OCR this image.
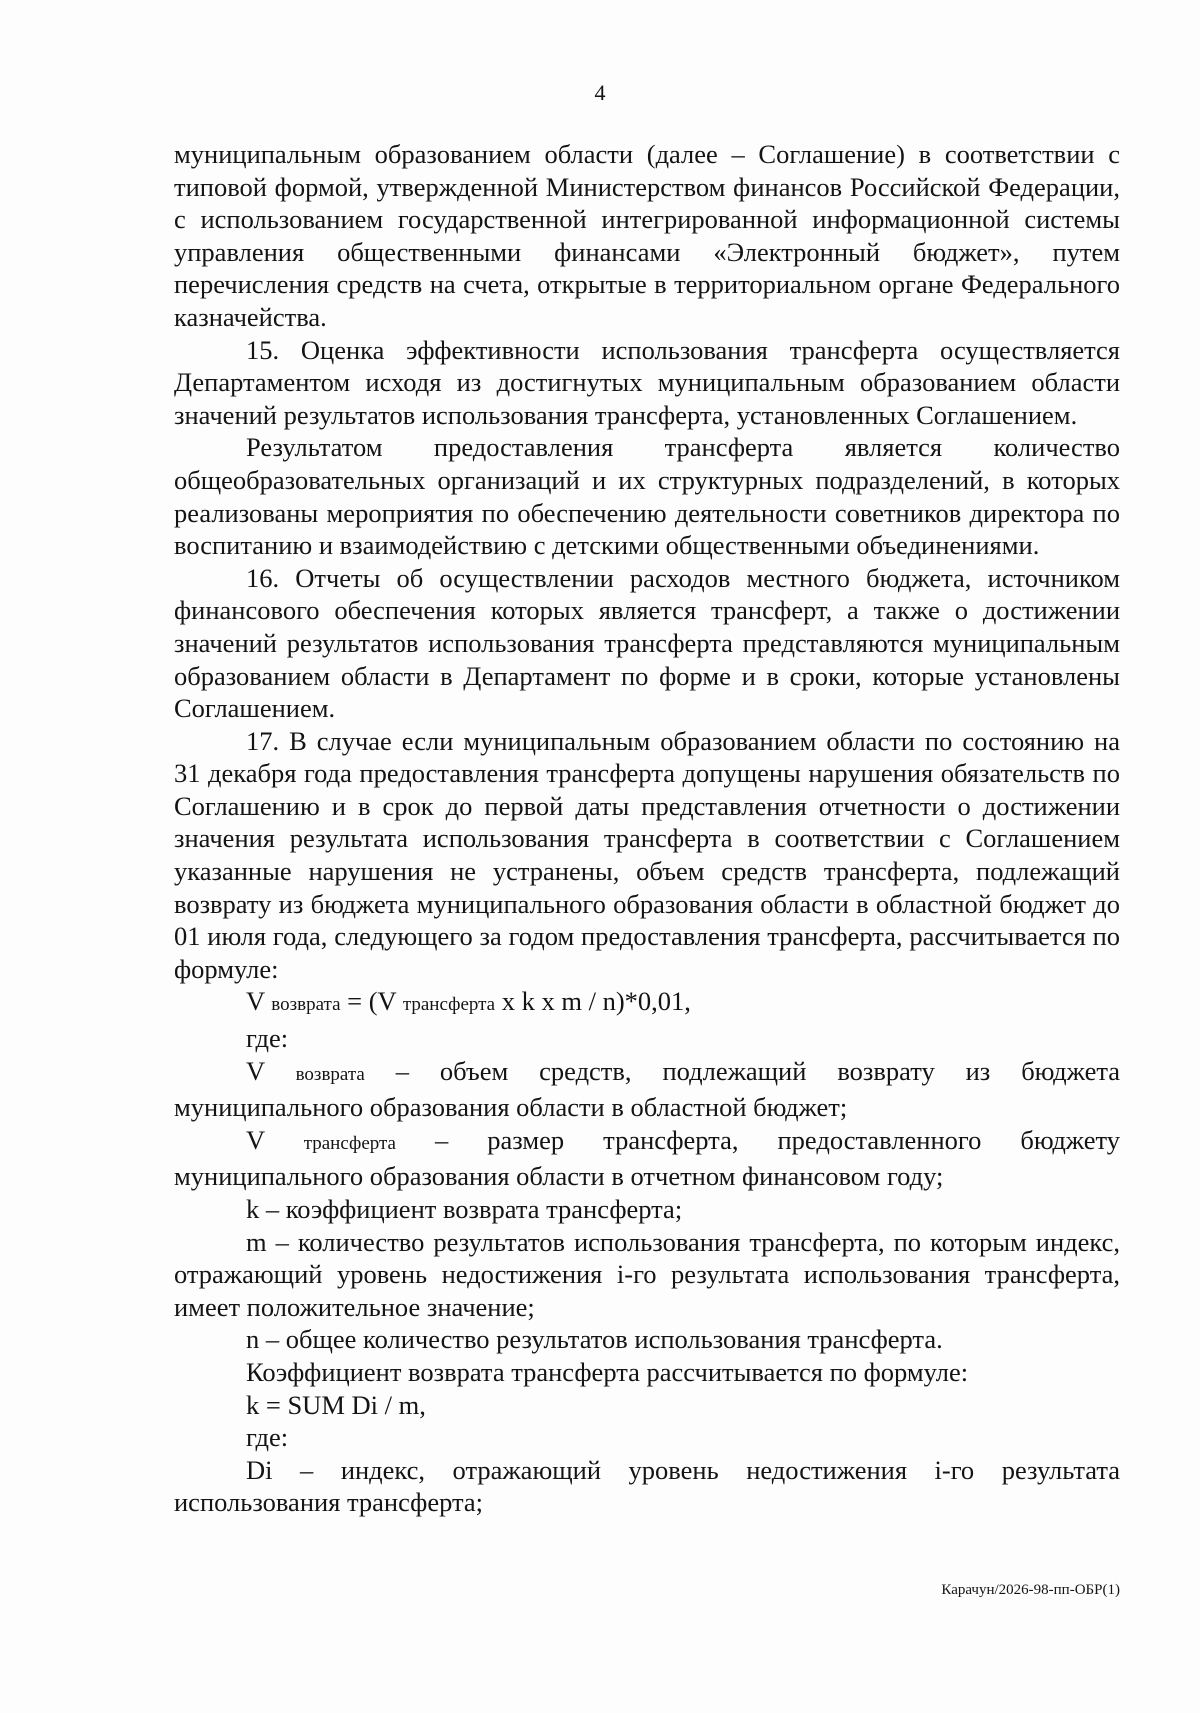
4

муниципальным образованием области (далее – Соглашение) в соответствии с типовой формой, утвержденной Министерством финансов Российской Федерации, с использованием государственной интегрированной информационной системы управления общественными финансами «Электронный бюджет», путем перечисления средств на счета, открытые в территориальном органе Федерального казначейства.

15. Оценка эффективности использования трансферта осуществляется Департаментом исходя из достигнутых муниципальным образованием области значений результатов использования трансферта, установленных Соглашением.

Результатом предоставления трансферта является количество общеобразовательных организаций и их структурных подразделений, в которых реализованы мероприятия по обеспечению деятельности советников директора по воспитанию и взаимодействию с детскими общественными объединениями.

16. Отчеты об осуществлении расходов местного бюджета, источником финансового обеспечения которых является трансферт, а также о достижении значений результатов использования трансферта представляются муниципальным образованием области в Департамент по форме и в сроки, которые установлены Соглашением.

17. В случае если муниципальным образованием области по состоянию на 31 декабря года предоставления трансферта допущены нарушения обязательств по Соглашению и в срок до первой даты представления отчетности о достижении значения результата использования трансферта в соответствии с Соглашением указанные нарушения не устранены, объем средств трансферта, подлежащий возврату из бюджета муниципального образования области в областной бюджет до 01 июля года, следующего за годом предоставления трансферта, рассчитывается по формуле:

V возврата = (V трансферта x k x m / n)*0,01,

где:

V возврата – объем средств, подлежащий возврату из бюджета муниципального образования области в областной бюджет;

V трансферта – размер трансферта, предоставленного бюджету муниципального образования области в отчетном финансовом году;

k – коэффициент возврата трансферта;

m – количество результатов использования трансферта, по которым индекс, отражающий уровень недостижения i-го результата использования трансферта, имеет положительное значение;

n – общее количество результатов использования трансферта.

Коэффициент возврата трансферта рассчитывается по формуле:

k = SUM Di / m,

где:

Di – индекс, отражающий уровень недостижения i-го результата использования трансферта;

Карачун/2026-98-пп-ОБР(1)
